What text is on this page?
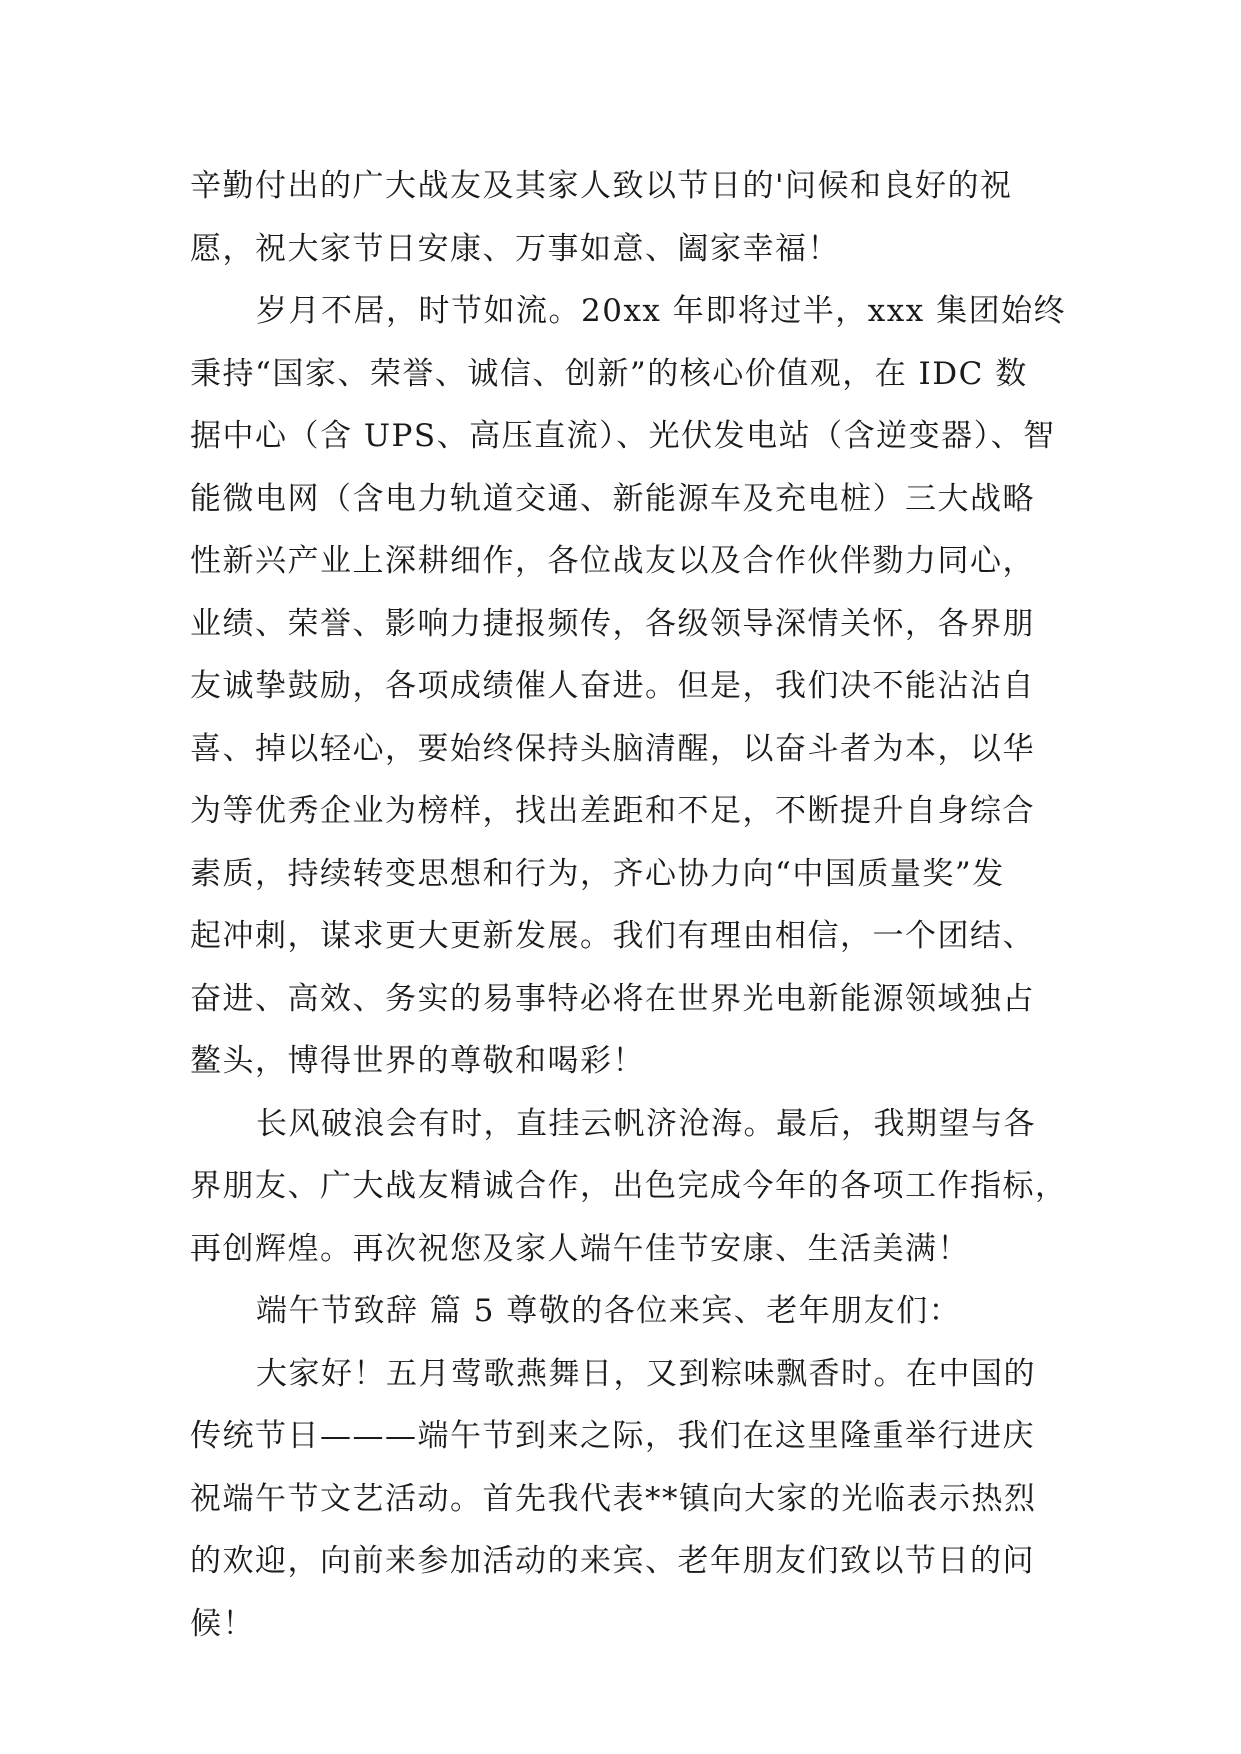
辛勤付出的广大战友及其家人致以节日的'问候和良好的祝
愿，祝大家节日安康、万事如意、阖家幸福！
岁月不居，时节如流。20xx 年即将过半，xxx 集团始终
秉持“国家、荣誉、诚信、创新”的核心价值观，在 IDC 数
据中心（含 UPS、高压直流）、光伏发电站（含逆变器）、智
能微电网（含电力轨道交通、新能源车及充电桩）三大战略
性新兴产业上深耕细作，各位战友以及合作伙伴勠力同心，
业绩、荣誉、影响力捷报频传，各级领导深情关怀，各界朋
友诚挚鼓励，各项成绩催人奋进。但是，我们决不能沾沾自
喜、掉以轻心，要始终保持头脑清醒，以奋斗者为本，以华
为等优秀企业为榜样，找出差距和不足，不断提升自身综合
素质，持续转变思想和行为，齐心协力向“中国质量奖”发
起冲刺，谋求更大更新发展。我们有理由相信，一个团结、
奋进、高效、务实的易事特必将在世界光电新能源领域独占
鳌头，博得世界的尊敬和喝彩！
长风破浪会有时，直挂云帆济沧海。最后，我期望与各
界朋友、广大战友精诚合作，出色完成今年的各项工作指标，
再创辉煌。再次祝您及家人端午佳节安康、生活美满！
端午节致辞 篇 5 尊敬的各位来宾、老年朋友们：
大家好！五月莺歌燕舞日，又到粽味飘香时。在中国的
传统节日———端午节到来之际，我们在这里隆重举行进庆
祝端午节文艺活动。首先我代表**镇向大家的光临表示热烈
的欢迎，向前来参加活动的来宾、老年朋友们致以节日的问
候！
